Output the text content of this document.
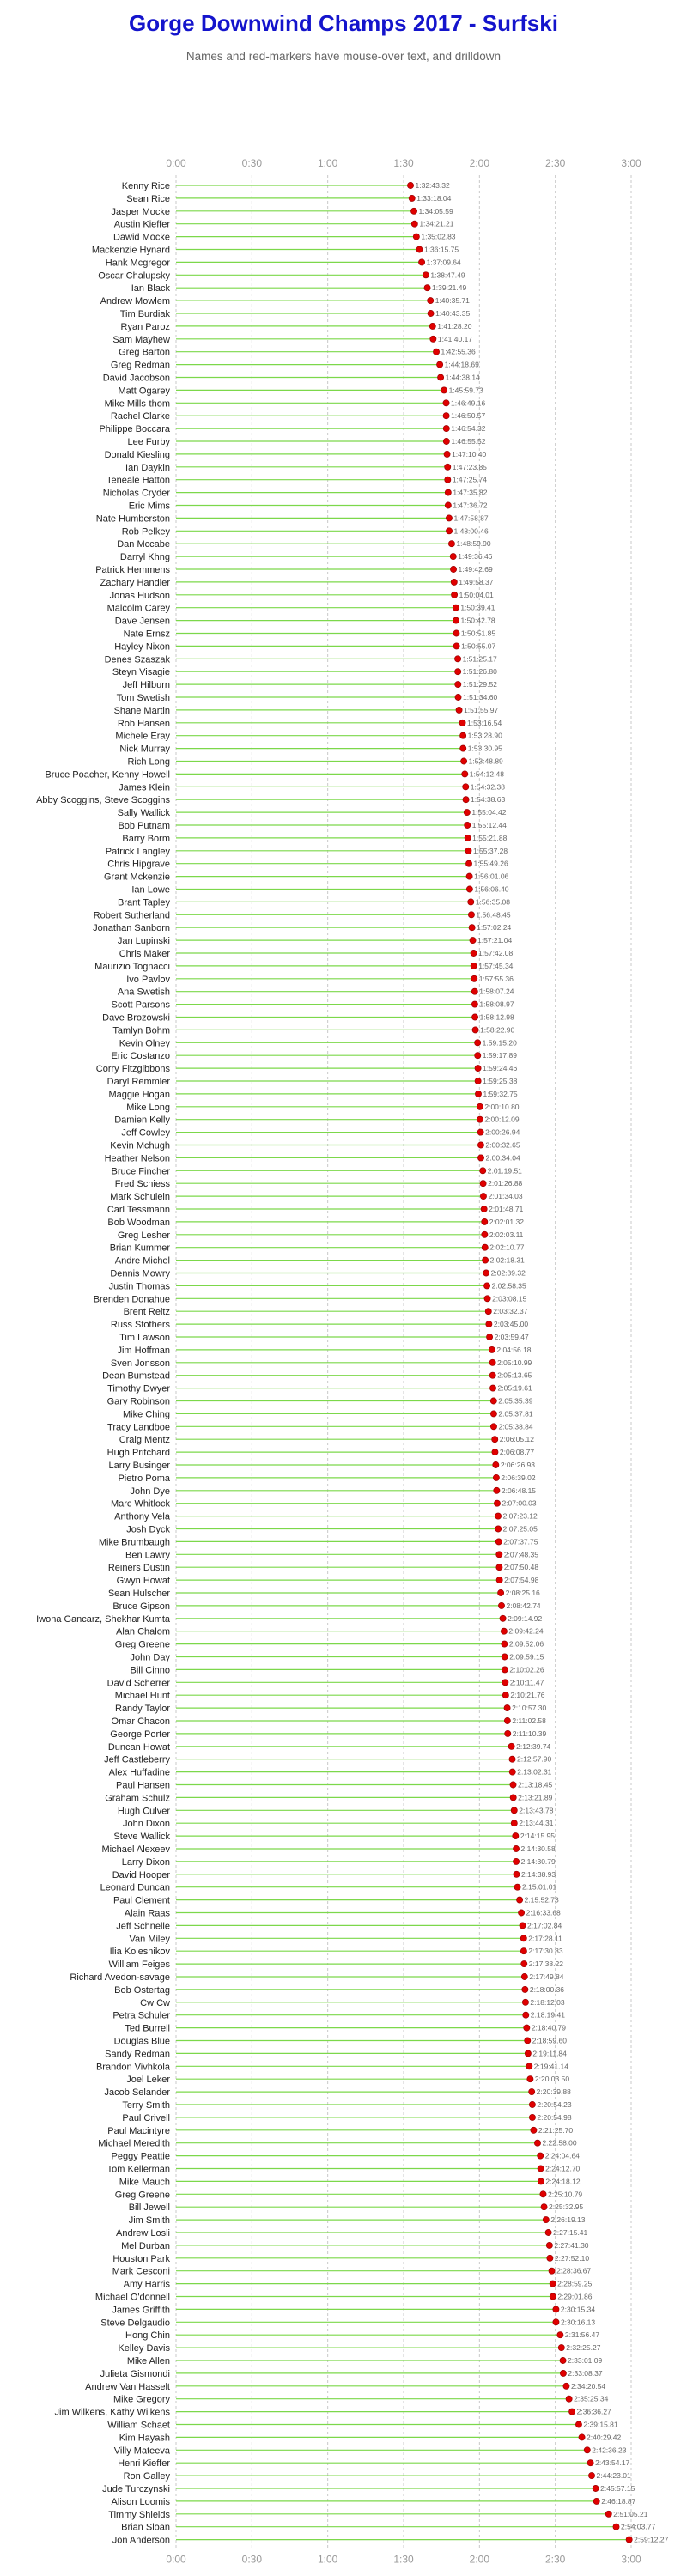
Gorge Downwind Champs 2017 - Surfski
Names and red-markers have mouse-over text, and drilldown
0:00
0:00
0:30
0:30
1:00
1:00
1:30
1:30
2:00
2:00
2:30
2:30
3:00
3:00
Kenny Rice	1:32:43.32
Sean Rice	1:33:18.04
Jasper Mocke	1:34:05.59
Austin Kieffer	1:34:21.21
Dawid Mocke	1:35:02.83
Mackenzie Hynard	1:36:15.75
Hank Mcgregor	1:37:09.64
Oscar Chalupsky	1:38:47.49
Ian Black	1:39:21.49
Andrew Mowlem	1:40:35.71
Tim Burdiak	1:40:43.35
Ryan Paroz	1:41:28.20
Sam Mayhew	1:41:40.17
Greg Barton	1:42:55.36
Greg Redman	1:44:18.69
David Jacobson	1:44:38.14
Matt Ogarey	1:45:59.73
Mike Mills-thom	1:46:49.16
Rachel Clarke	1:46:50.57
Philippe Boccara	1:46:54.32
Lee Furby	1:46:55.52
Donald Kiesling	1:47:10.40
Ian Daykin	1:47:23.85
Teneale Hatton	1:47:25.74
Nicholas Cryder	1:47:35.82
Eric Mims	1:47:36.72
Nate Humberston	1:47:58.87
Rob Pelkey	1:48:00.46
Dan Mccabe	1:48:59.90
Darryl Khng	1:49:36.46
Patrick Hemmens	1:49:42.69
Zachary Handler	1:49:58.37
Jonas Hudson	1:50:04.01
Malcolm Carey	1:50:39.41
Dave Jensen	1:50:42.78
Nate Ernsz	1:50:51.85
Hayley Nixon	1:50:55.07
Denes Szaszak	1:51:25.17
Steyn Visagie	1:51:26.80
Jeff Hilburn	1:51:29.52
Tom Swetish	1:51:34.60
Shane Martin	1:51:55.97
Rob Hansen	1:53:16.54
Michele Eray	1:53:28.90
Nick Murray	1:53:30.95
Rich Long	1:53:48.89
Bruce Poacher, Kenny Howell	1:54:12.48
James Klein	1:54:32.38
Abby Scoggins, Steve Scoggins	1:54:38.63
Sally Wallick	1:55:04.42
Bob Putnam	1:55:12.44
Barry Borm	1:55:21.88
Patrick Langley	1:55:37.28
Chris Hipgrave	1:55:49.26
Grant Mckenzie	1:56:01.06
Ian Lowe	1:56:06.40
Brant Tapley	1:56:35.08
Robert Sutherland	1:56:48.45
Jonathan Sanborn	1:57:02.24
Jan Lupinski	1:57:21.04
Chris Maker	1:57:42.08
Maurizio Tognacci	1:57:45.34
Ivo Pavlov	1:57:55.36
Ana Swetish	1:58:07.24
Scott Parsons	1:58:08.97
Dave Brozowski	1:58:12.98
Tamlyn Bohm	1:58:22.90
Kevin Olney	1:59:15.20
Eric Costanzo	1:59:17.89
Corry Fitzgibbons	1:59:24.46
Daryl Remmler	1:59:25.38
Maggie Hogan	1:59:32.75
Mike Long	2:00:10.80
Damien Kelly	2:00:12.09
Jeff Cowley	2:00:26.94
Kevin Mchugh	2:00:32.65
Heather Nelson	2:00:34.04
Bruce Fincher	2:01:19.51
Fred Schiess	2:01:26.88
Mark Schulein	2:01:34.03
Carl Tessmann	2:01:48.71
Bob Woodman	2:02:01.32
Greg Lesher	2:02:03.11
Brian Kummer	2:02:10.77
Andre Michel	2:02:18.31
Dennis Mowry	2:02:39.32
Justin Thomas	2:02:58.35
Brenden Donahue	2:03:08.15
Brent Reitz	2:03:32.37
Russ Stothers	2:03:45.00
Tim Lawson	2:03:59.47
Jim Hoffman	2:04:56.18
Sven Jonsson	2:05:10.99
Dean Bumstead	2:05:13.65
Timothy Dwyer	2:05:19.61
Gary Robinson	2:05:35.39
Mike Ching	2:05:37.81
Tracy Landboe	2:05:38.84
Craig Mentz	2:06:05.12
Hugh Pritchard	2:06:08.77
Larry Businger	2:06:26.93
Pietro Poma	2:06:39.02
John Dye	2:06:48.15
Marc Whitlock	2:07:00.03
Anthony Vela	2:07:23.12
Josh Dyck	2:07:25.05
Mike Brumbaugh	2:07:37.75
Ben Lawry	2:07:48.35
Reiners Dustin	2:07:50.48
Gwyn Howat	2:07:54.98
Sean Hulscher	2:08:25.16
Bruce Gipson	2:08:42.74
Iwona Gancarz, Shekhar Kumta	2:09:14.92
Alan Chalom	2:09:42.24
Greg Greene	2:09:52.06
John Day	2:09:59.15
Bill Cinno	2:10:02.26
David Scherrer	2:10:11.47
Michael Hunt	2:10:21.76
Randy Taylor	2:10:57.30
Omar Chacon	2:11:02.58
George Porter	2:11:10.39
Duncan Howat	2:12:39.74
Jeff Castleberry	2:12:57.90
Alex Huffadine	2:13:02.31
Paul Hansen	2:13:18.45
Graham Schulz	2:13:21.89
Hugh Culver	2:13:43.78
John Dixon	2:13:44.31
Steve Wallick	2:14:15.95
Michael Alexeev	2:14:30.58
Larry Dixon	2:14:30.79
David Hooper	2:14:38.93
Leonard Duncan	2:15:01.01
Paul Clement	2:15:52.73
Alain Raas	2:16:33.68
Jeff Schnelle	2:17:02.84
Van Miley	2:17:28.11
Ilia Kolesnikov	2:17:30.83
William Feiges	2:17:38.22
Richard Avedon-savage	2:17:49.84
Bob Ostertag	2:18:00.36
Cw Cw	2:18:12.03
Petra Schuler	2:18:19.41
Ted Burrell	2:18:40.79
Douglas Blue	2:18:59.60
Sandy Redman	2:19:11.84
Brandon Vivhkola	2:19:41.14
Joel Leker	2:20:03.50
Jacob Selander	2:20:39.88
Terry Smith	2:20:54.23
Paul Crivell	2:20:54.98
Paul Macintyre	2:21:25.70
Michael Meredith	2:22:58.00
Peggy Peattie	2:24:04.64
Tom Kellerman	2:24:12.70
Mike Mauch	2:24:18.12
Greg Greene	2:25:10.79
Bill Jewell	2:25:32.95
Jim Smith	2:26:19.13
Andrew Losli	2:27:15.41
Mel Durban	2:27:41.30
Houston Park	2:27:52.10
Mark Cesconi	2:28:36.67
Amy Harris	2:28:59.25
Michael O'donnell	2:29:01.86
James Griffith	2:30:15.34
Steve Delgaudio	2:30:16.13
Hong Chin	2:31:56.47
Kelley Davis	2:32:25.27
Mike Allen	2:33:01.09
Julieta Gismondi	2:33:08.37
Andrew Van Hasselt	2:34:20.54
Mike Gregory	2:35:25.34
Jim Wilkens, Kathy Wilkens	2:36:36.27
William Schaet	2:39:15.81
Kim Hayash	2:40:29.42
Villy Mateeva	2:42:36.23
Henri Kieffer	2:43:54.17
Ron Galley	2:44:23.01
Jude Turczynski	2:45:57.15
Alison Loomis	2:46:18.87
Timmy Shields	2:51:05.21
Brian Sloan	2:54:03.77
Jon Anderson	2:59:12.27
